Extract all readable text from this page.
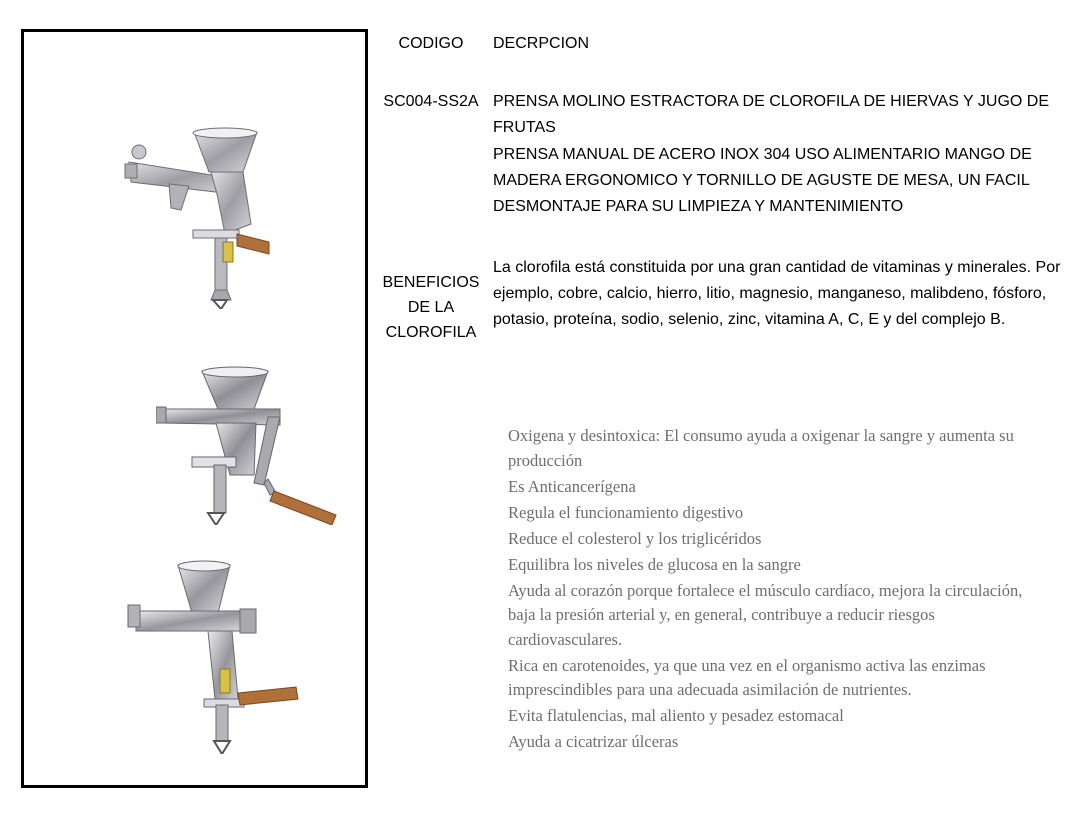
CODIGO	DECRPCION
SC004-SS2A PRENSA MOLINO ESTRACTORA DE CLOROFILA DE HIERVAS Y JUGO DE FRUTAS
PRENSA MANUAL DE ACERO INOX 304 USO ALIMENTARIO MANGO DE MADERA ERGONOMICO Y TORNILLO DE AGUSTE DE MESA, UN FACIL DESMONTAJE PARA SU LIMPIEZA Y MANTENIMIENTO
BENEFICIOS
DE LA
CLOROFILA
La clorofila está constituida por una gran cantidad de vitaminas y minerales. Por ejemplo, cobre, calcio, hierro, litio, magnesio, manganeso, malibdeno, fósforo, potasio, proteína, sodio, selenio, zinc, vitamina A, C, E y del complejo B.
Oxigena y desintoxica: El consumo ayuda a oxigenar la sangre y aumenta su producción
Es Anticancerígena
Regula el funcionamiento digestivo
Reduce el colesterol y los triglicéridos
Equilibra los niveles de glucosa en la sangre
Ayuda al corazón porque fortalece el músculo cardíaco, mejora la circulación, baja la presión arterial y, en general, contribuye a reducir riesgos cardiovasculares.
Rica en carotenoides, ya que una vez en el organismo activa las enzimas imprescindibles para una adecuada asimilación de nutrientes.
Evita flatulencias, mal aliento y pesadez estomacal
Ayuda a cicatrizar úlceras
